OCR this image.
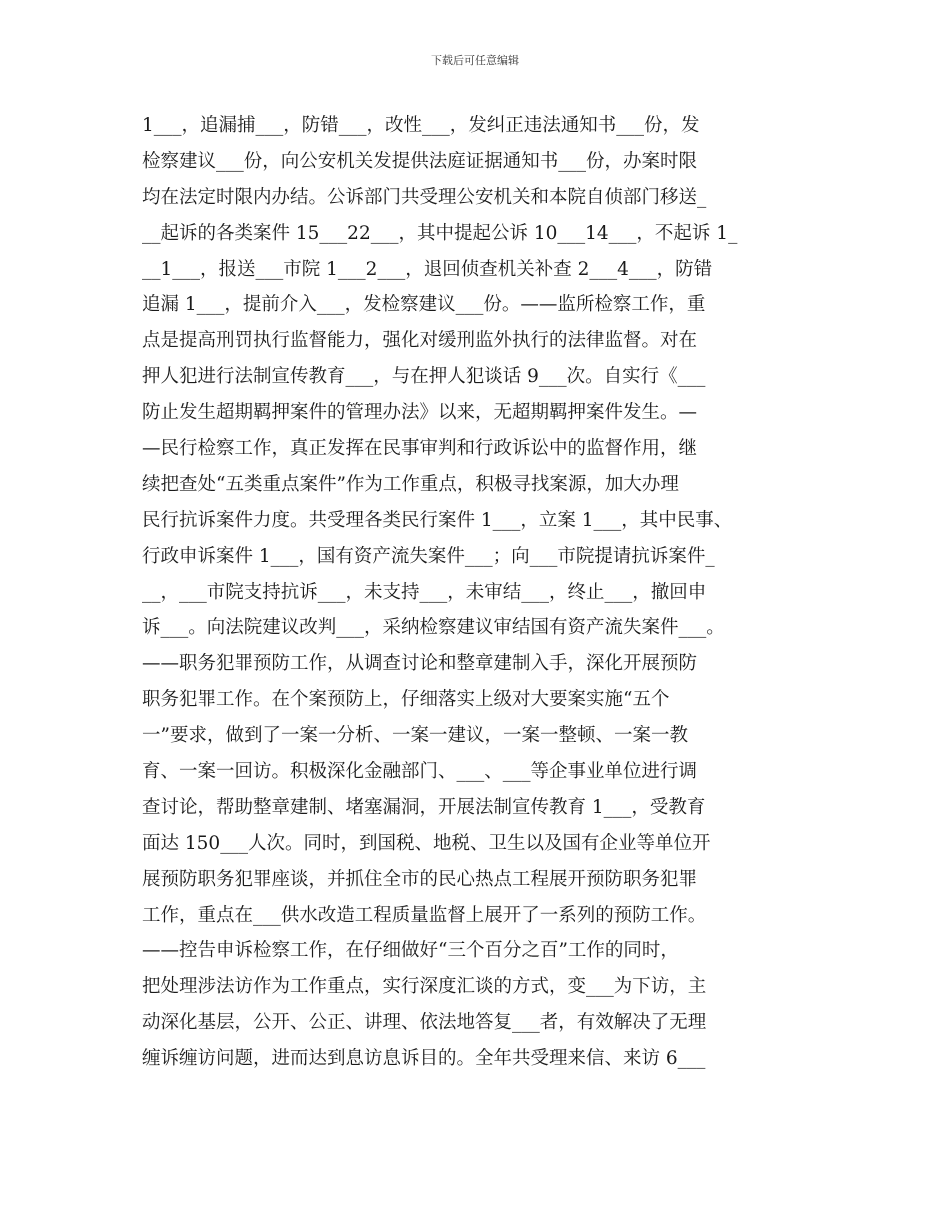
下载后可任意编辑
1___，追漏捕___，防错___，改性___，发纠正违法通知书___份，发
检察建议___份，向公安机关发提供法庭证据通知书___份，办案时限
均在法定时限内办结。公诉部门共受理公安机关和本院自侦部门移送_
__起诉的各类案件 15___22___，其中提起公诉 10___14___，不起诉 1_
__1___，报送___市院 1___2___，退回侦查机关补查 2___4___，防错
追漏 1___，提前介入___，发检察建议___份。——监所检察工作，重
点是提高刑罚执行监督能力，强化对缓刑监外执行的法律监督。对在
押人犯进行法制宣传教育___，与在押人犯谈话 9___次。自实行《___
防止发生超期羁押案件的管理办法》以来，无超期羁押案件发生。—
—民行检察工作，真正发挥在民事审判和行政诉讼中的监督作用，继
续把查处“五类重点案件”作为工作重点，积极寻找案源，加大办理
民行抗诉案件力度。共受理各类民行案件 1___，立案 1___，其中民事、
行政申诉案件 1___，国有资产流失案件___；向___市院提请抗诉案件_
__，___市院支持抗诉___，未支持___，未审结___，终止___，撤回申
诉___。向法院建议改判___，采纳检察建议审结国有资产流失案件___。
——职务犯罪预防工作，从调查讨论和整章建制入手，深化开展预防
职务犯罪工作。在个案预防上，仔细落实上级对大要案实施“五个
一”要求，做到了一案一分析、一案一建议，一案一整顿、一案一教
育、一案一回访。积极深化金融部门、___、___等企事业单位进行调
查讨论，帮助整章建制、堵塞漏洞，开展法制宣传教育 1___，受教育
面达 150___人次。同时，到国税、地税、卫生以及国有企业等单位开
展预防职务犯罪座谈，并抓住全市的民心热点工程展开预防职务犯罪
工作，重点在___供水改造工程质量监督上展开了一系列的预防工作。
——控告申诉检察工作，在仔细做好“三个百分之百”工作的同时，
把处理涉法访作为工作重点，实行深度汇谈的方式，变___为下访，主
动深化基层，公开、公正、讲理、依法地答复___者，有效解决了无理
缠诉缠访问题，进而达到息访息诉目的。全年共受理来信、来访 6___
